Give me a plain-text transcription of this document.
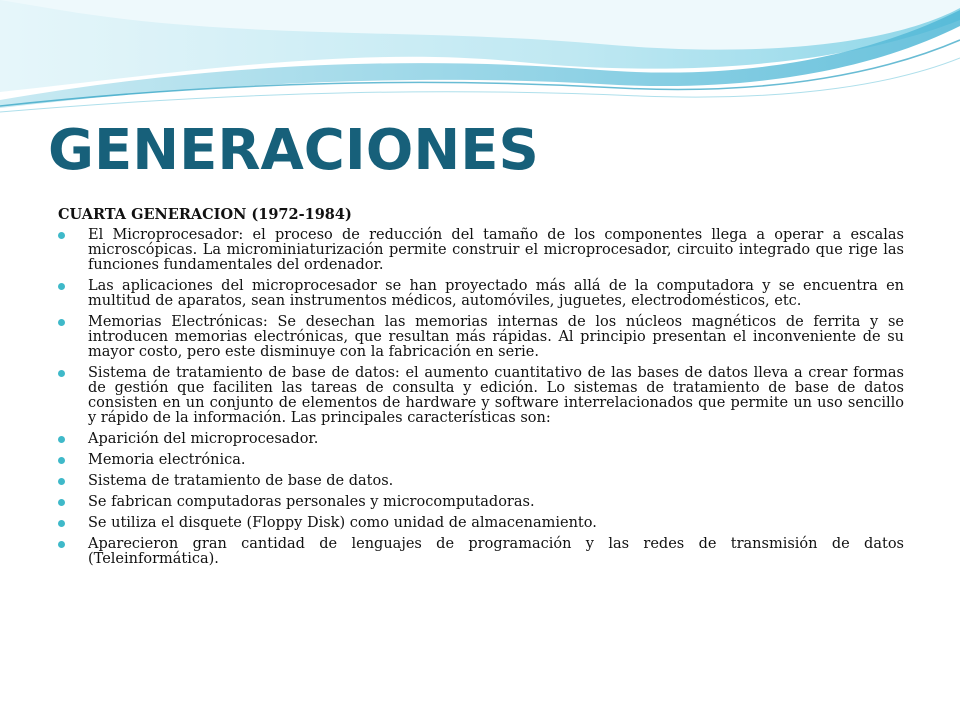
GENERACIONES
CUARTA GENERACION (1972-1984)
El Microprocesador: el proceso de reducción del tamaño de los componentes llega a operar a escalas microscópicas. La microminiaturización permite construir el microprocesador, circuito integrado que rige las funciones fundamentales del ordenador.
Las aplicaciones del microprocesador se han proyectado más allá de la computadora y se encuentra en multitud de aparatos, sean instrumentos médicos, automóviles, juguetes, electrodomésticos, etc.
Memorias Electrónicas: Se desechan las memorias internas de los núcleos magnéticos de ferrita y se introducen memorias electrónicas, que resultan más rápidas. Al principio presentan el inconveniente de su mayor costo, pero este disminuye con la fabricación en serie.
Sistema de tratamiento de base de datos: el aumento cuantitativo de las bases de datos lleva a crear formas de gestión que faciliten las tareas de consulta y edición. Lo sistemas de tratamiento de base de datos consisten en un conjunto de elementos de hardware y software interrelacionados que permite un uso sencillo y rápido de la información. Las principales características son:
Aparición del microprocesador.
Memoria electrónica.
Sistema de tratamiento de base de datos.
Se fabrican computadoras personales y microcomputadoras.
Se utiliza el disquete (Floppy Disk) como unidad de almacenamiento.
Aparecieron gran cantidad de lenguajes de programación y las redes de transmisión de datos (Teleinformática).
